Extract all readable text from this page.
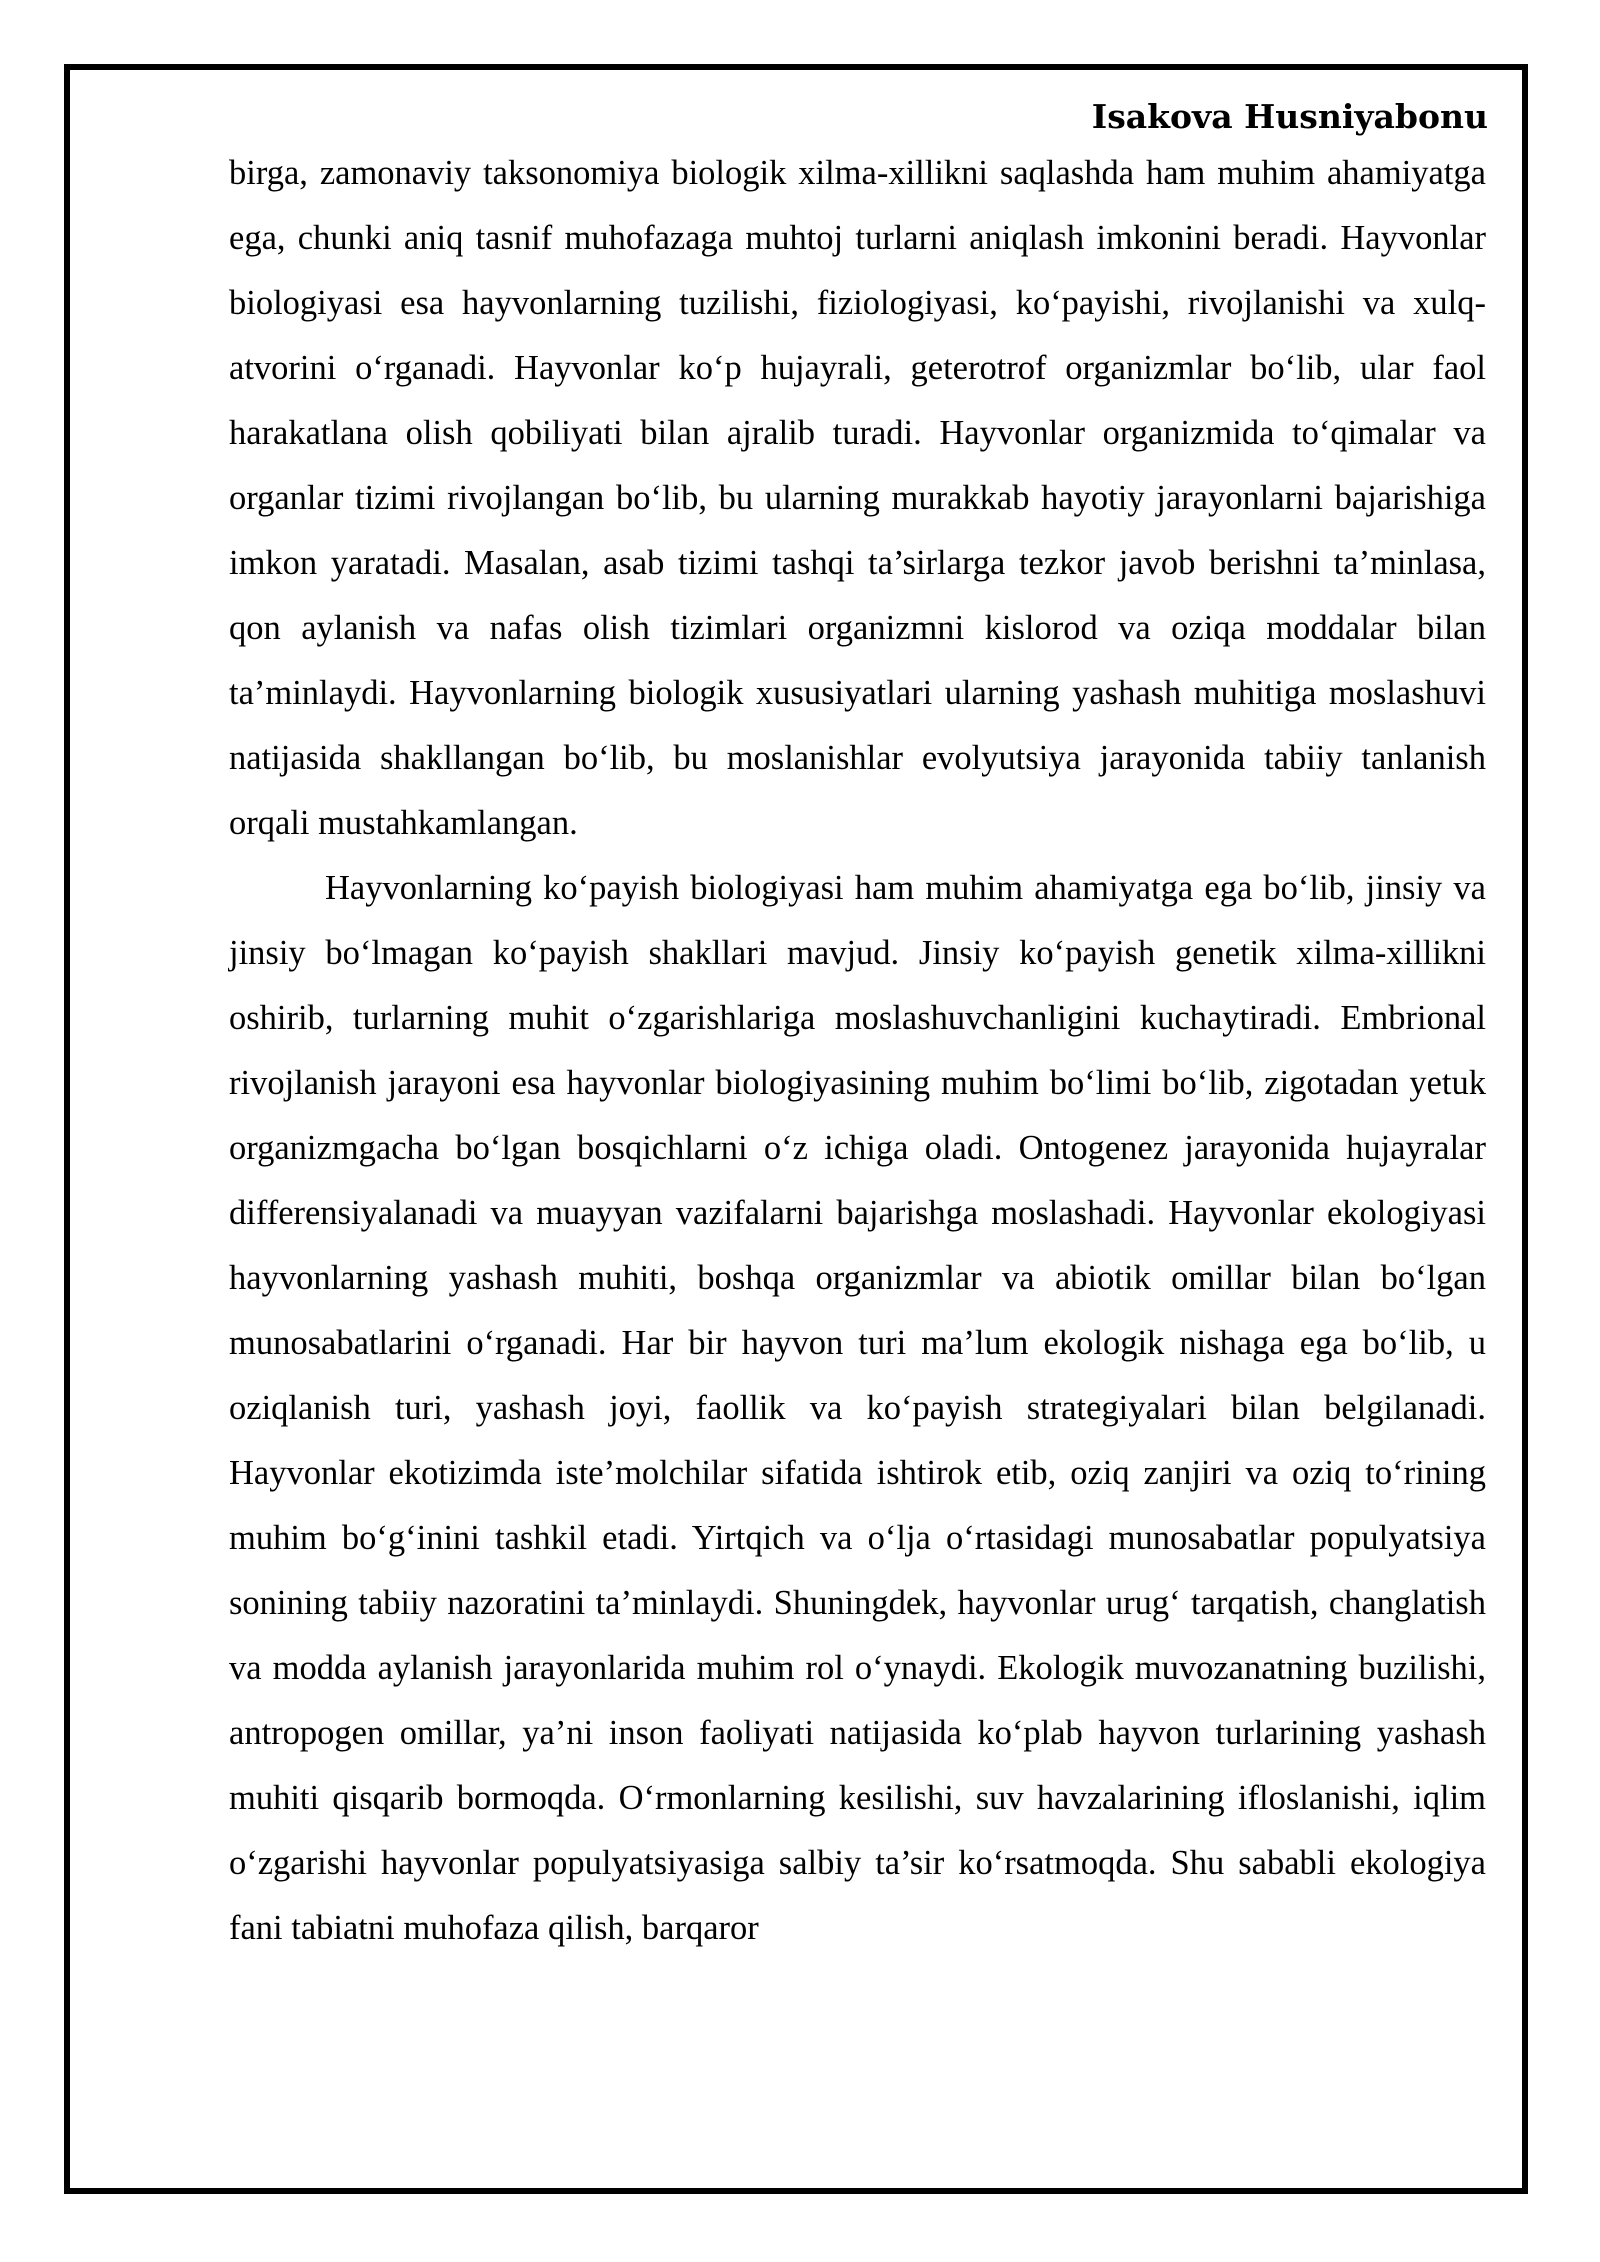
Isakova Husniyabonu

birga, zamonaviy taksonomiya biologik xilma-xillikni saqlashda ham muhim ahamiyatga ega, chunki aniq tasnif muhofazaga muhtoj turlarni aniqlash imkonini beradi. Hayvonlar biologiyasi esa hayvonlarning tuzilishi, fiziologiyasi, ko‘payishi, rivojlanishi va xulq-atvorini o‘rganadi. Hayvonlar ko‘p hujayrali, geterotrof organizmlar bo‘lib, ular faol harakatlana olish qobiliyati bilan ajralib turadi. Hayvonlar organizmida to‘qimalar va organlar tizimi rivojlangan bo‘lib, bu ularning murakkab hayotiy jarayonlarni bajarishiga imkon yaratadi. Masalan, asab tizimi tashqi ta’sirlarga tezkor javob berishni ta’minlasa, qon aylanish va nafas olish tizimlari organizmni kislorod va oziqa moddalar bilan ta’minlaydi. Hayvonlarning biologik xususiyatlari ularning yashash muhitiga moslashuvi natijasida shakllangan bo‘lib, bu moslanishlar evolyutsiya jarayonida tabiiy tanlanish orqali mustahkamlangan.

Hayvonlarning ko‘payish biologiyasi ham muhim ahamiyatga ega bo‘lib, jinsiy va jinsiy bo‘lmagan ko‘payish shakllari mavjud. Jinsiy ko‘payish genetik xilma-xillikni oshirib, turlarning muhit o‘zgarishlariga moslashuvchanligini kuchaytiradi. Embrional rivojlanish jarayoni esa hayvonlar biologiyasining muhim bo‘limi bo‘lib, zigotadan yetuk organizmgacha bo‘lgan bosqichlarni o‘z ichiga oladi. Ontogenez jarayonida hujayralar differensiyalanadi va muayyan vazifalarni bajarishga moslashadi. Hayvonlar ekologiyasi hayvonlarning yashash muhiti, boshqa organizmlar va abiotik omillar bilan bo‘lgan munosabatlarini o‘rganadi. Har bir hayvon turi ma’lum ekologik nishaga ega bo‘lib, u oziqlanish turi, yashash joyi, faollik va ko‘payish strategiyalari bilan belgilanadi. Hayvonlar ekotizimda iste’molchilar sifatida ishtirok etib, oziq zanjiri va oziq to‘rining muhim bo‘g‘inini tashkil etadi. Yirtqich va o‘lja o‘rtasidagi munosabatlar populyatsiya sonining tabiiy nazoratini ta’minlaydi. Shuningdek, hayvonlar urug‘ tarqatish, changlatish va modda aylanish jarayonlarida muhim rol o‘ynaydi. Ekologik muvozanatning buzilishi, antropogen omillar, ya’ni inson faoliyati natijasida ko‘plab hayvon turlarining yashash muhiti qisqarib bormoqda. O‘rmonlarning kesilishi, suv havzalarining ifloslanishi, iqlim o‘zgarishi hayvonlar populyatsiyasiga salbiy ta’sir ko‘rsatmoqda. Shu sababli ekologiya fani tabiatni muhofaza qilish, barqaror
